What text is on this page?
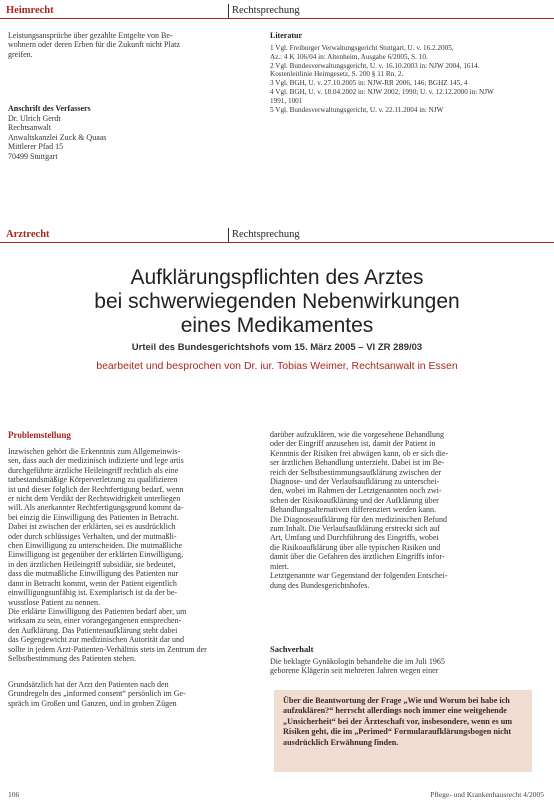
Heimrecht	Rechtsprechung

Leistungsansprüche über gezahlte Entgelte von Be-

wohnern oder deren Erben für die Zukunft nicht Platz

greifen.

Anschrift des Verfassers

Dr. Ulrich Gerdt

Rechtsanwalt

Anwaltskanzlei Zuck & Quaas

Mittlerer Pfad 15

70499 Stuttgart

Literatur

1 Vgl. Freiburger Verwaltungsgericht Stuttgart, U. v. 16.2.2005,

Az.: 4 K 106/04 in: Altenheim, Ausgabe 6/2005, S. 10.

2 Vgl. Bundesverwaltungsgericht, U. v. 16.10.2003 in: NJW 2004, 1614.

Kostenleitlinie Heimgesetz, S. 200 § 11 Rn. 2.

3 Vgl. BGH, U. v. 27.10.2005 in: NJW-RR 2006, 146; BGHZ 145, 4

4 Vgl. BGH, U. v. 18.04.2002 in: NJW 2002, 1990; U. v. 12.12.2000 in: NJW

1991, 1001

5 Vgl. Bundesverwaltungsgericht, U. v. 22.11.2004 in: NJW

Arztrecht	Rechtsprechung
Aufklärungspflichten des Arztes
bei schwerwiegenden Nebenwirkungen
eines Medikamentes
Urteil des Bundesgerichtshofs vom 15. März 2005 – VI ZR 289/03
bearbeitet und besprochen von Dr. iur. Tobias Weimer, Rechtsanwalt in Essen
Problemstellung

Inzwischen gehört die Erkenntnis zum Allgemeinwis-

sen, dass auch der medizinisch indizierte und lege artis

durchgeführte ärztliche Heileingriff rechtlich als eine

tatbestandsmäßige Körperverletzung zu qualifizieren

ist und dieser folglich der Rechtfertigung bedarf, wenn

er nicht dem Verdikt der Rechtswidrigkeit unterliegen

will. Als anerkannter Rechtfertigungsgrund kommt da-

bei einzig die Einwilligung des Patienten in Betracht.

Dabei ist zwischen der erklärten, sei es ausdrücklich

oder durch schlüssiges Verhalten, und der mutmaßli-

chen Einwilligung zu unterscheiden. Die mutmaßliche

Einwilligung ist gegenüber der erklärten Einwilligung,

in den ärztlichen Heileingriff subsidiär, sie bedeutet,

dass die mutmaßliche Einwilligung des Patienten nur

dann in Betracht kommt, wenn der Patient eigentlich

einwilligungsunfähig ist. Exemplarisch ist da der be-

wusstlose Patient zu nennen.

Die erklärte Einwilligung des Patienten bedarf aber, um

wirksam zu sein, einer vorangegangenen entsprechen-

den Aufklärung. Das Patientenaufklärung steht dabei

das Gegengewicht zur medizinischen Autorität dar und

sollte in jedem Arzt-Patienten-Verhältnis stets im Zentrum der

Selbstbestimmung des Patienten stehen.

Grundsätzlich hat der Arzt den Patienten nach den

Grundregeln des „informed consent“ persönlich im Ge-

spräch im Großen und Ganzen, und in groben Zügen

darüber aufzuklären, wie die vorgesehene Behandlung

oder der Eingriff anzusehen ist, damit der Patient in

Kenntnis der Risiken frei abwägen kann, ob er sich die-

ser ärztlichen Behandlung unterzieht. Dabei ist im Be-

reich der Selbstbestimmungsaufklärung zwischen der

Diagnose- und der Verlaufsaufklärung zu unterschei-

den, wobei im Rahmen der Letztgenannten noch zwi-

schen der Risikoaufklärung und der Aufklärung über

Behandlungsalternativen differenziert werden kann.

Die Diagnoseaufklärung für den medizinischen Befund

zum Inhalt. Die Verlaufsaufklärung erstreckt sich auf

Art, Umfang und Durchführung des Eingriffs, wobei

die Risikoaufklärung über alle typischen Risiken und

damit über die Gefahren des ärztlichen Eingriffs infor-

miert.

Letztgenannte war Gegenstand der folgenden Entschei-

dung des Bundesgerichtshofes.

Sachverhalt

Die beklagte Gynäkologin behandelte die im Juli 1965

geborene Klägerin seit mehreren Jahren wegen einer

Über die Beantwortung der Frage „Wie und Worum bei habe ich aufzuklären?“ herrscht allerdings noch immer eine weitgehende „Unsicherheit“ bei der Ärzteschaft vor, insbesondere, wenn es um Risiken geht, die im „Perimed“ Formularaufklärungsbogen nicht ausdrücklich Erwähnung finden.
106	Pflege- und Krankenhausrecht 4/2005
